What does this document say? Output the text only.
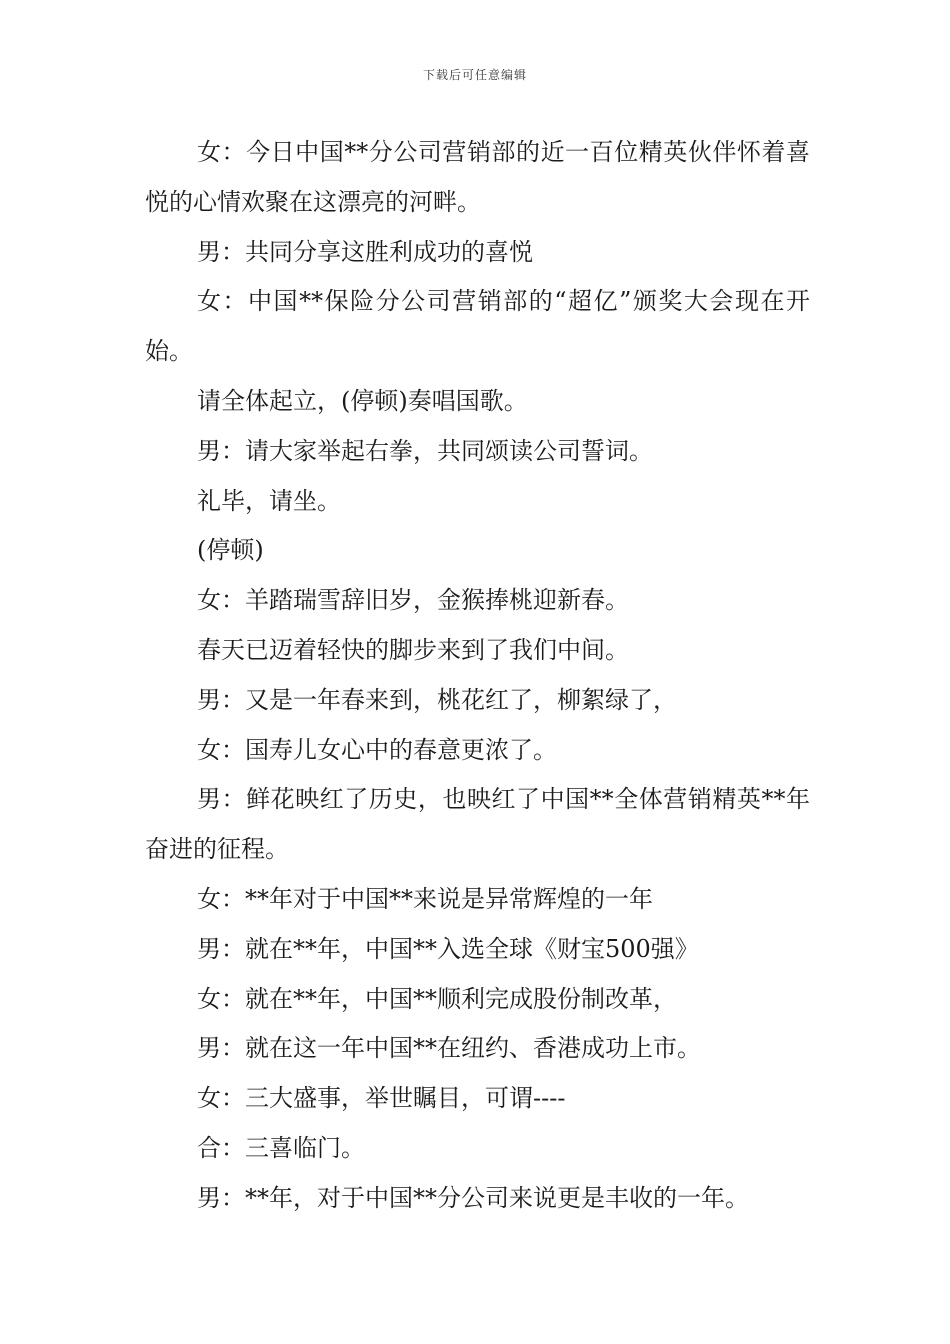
下载后可任意编辑

女：今日中国**分公司营销部的近一百位精英伙伴怀着喜悦的心情欢聚在这漂亮的河畔。

男：共同分享这胜利成功的喜悦

女：中国**保险分公司营销部的“超亿”颁奖大会现在开始。

请全体起立，(停顿)奏唱国歌。

男：请大家举起右拳，共同颂读公司誓词。

礼毕，请坐。

(停顿)

女：羊踏瑞雪辞旧岁，金猴捧桃迎新春。

春天已迈着轻快的脚步来到了我们中间。

男：又是一年春来到，桃花红了，柳絮绿了，

女：国寿儿女心中的春意更浓了。

男：鲜花映红了历史，也映红了中国**全体营销精英**年奋进的征程。

女：**年对于中国**来说是异常辉煌的一年

男：就在**年，中国**入选全球《财宝500强》

女：就在**年，中国**顺利完成股份制改革，

男：就在这一年中国**在纽约、香港成功上市。

女：三大盛事，举世瞩目，可谓----

合：三喜临门。

男：**年，对于中国**分公司来说更是丰收的一年。
